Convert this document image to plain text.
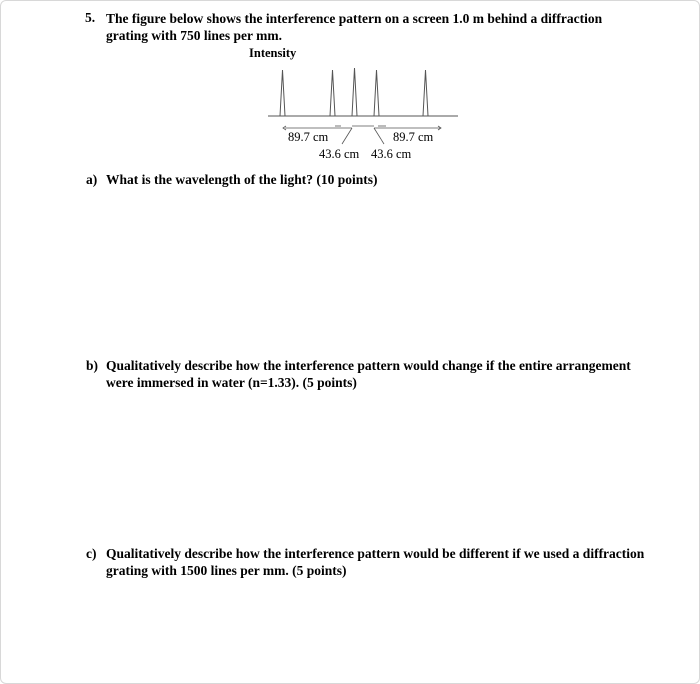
5. The figure below shows the interference pattern on a screen 1.0 m behind a diffraction
grating with 750 lines per mm.
Intensity
89.7 cm	89.7 cm
43.6 cm 43.6 cm
a) What is the wavelength of the light? (10 points)
b) Qualitatively describe how the interference pattern would change if the entire arrangement
were immersed in water (n=1.33). (5 points)
c) Qualitatively describe how the interference pattern would be different if we used a diffraction
grating with 1500 lines per mm. (5 points)
